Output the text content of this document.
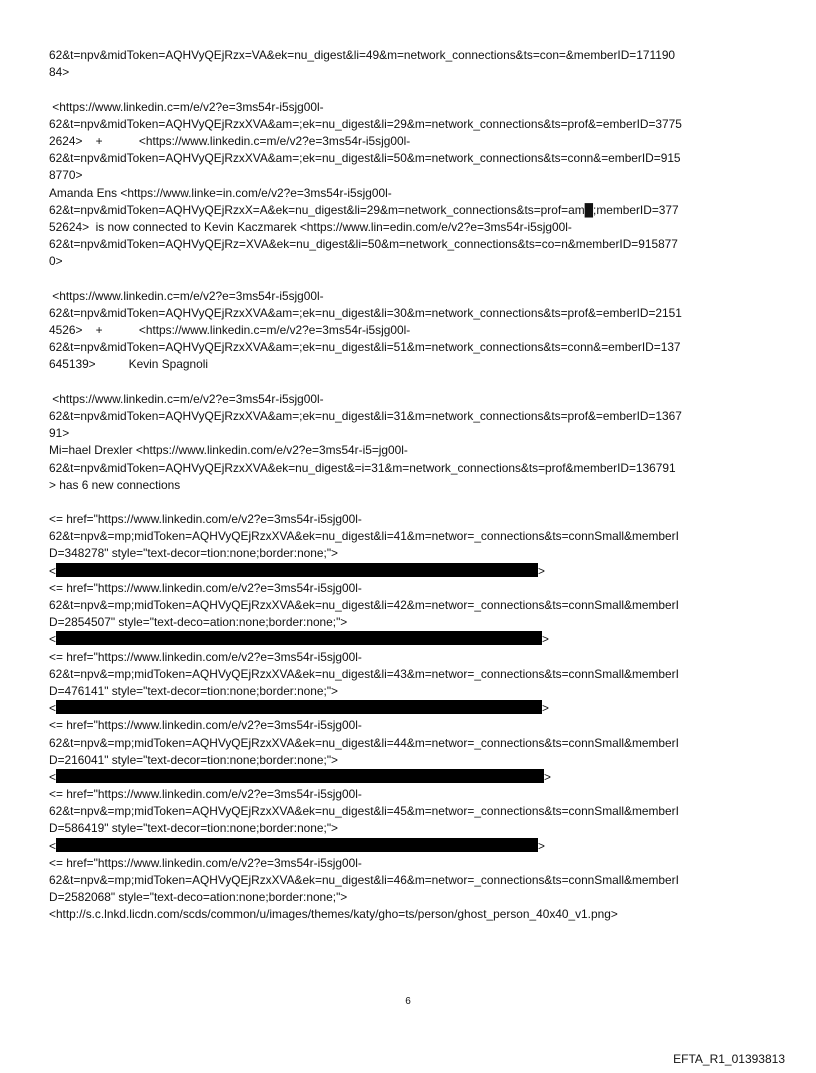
62&t=npv&midToken=AQHVyQEjRzx=VA&ek=nu_digest&li=49&m=network_connections&ts=con=&memberID=171190
84>
<https://www.linkedin.c=m/e/v2?e=3ms54r-i5sjg00l-
62&t=npv&midToken=AQHVyQEjRzxXVA&am=;ek=nu_digest&li=29&m=network_connections&ts=prof&=emberID=3775
2624>    +           <https://www.linkedin.c=m/e/v2?e=3ms54r-i5sjg00l-
62&t=npv&midToken=AQHVyQEjRzxXVA&am=;ek=nu_digest&li=50&m=network_connections&ts=conn&=emberID=915
8770>
Amanda Ens <https://www.linke=in.com/e/v2?e=3ms54r-i5sjg00l-
62&t=npv&midToken=AQHVyQEjRzxX=A&ek=nu_digest&li=29&m=network_connections&ts=prof=am█;memberID=377
52624>  is now connected to Kevin Kaczmarek <https://www.lin=edin.com/e/v2?e=3ms54r-i5sjg00l-
62&t=npv&midToken=AQHVyQEjRz=XVA&ek=nu_digest&li=50&m=network_connections&ts=co=n&memberID=915877
0>
<https://www.linkedin.c=m/e/v2?e=3ms54r-i5sjg00l-
62&t=npv&midToken=AQHVyQEjRzxXVA&am=;ek=nu_digest&li=30&m=network_connections&ts=prof&=emberID=2151
4526>    +           <https://www.linkedin.c=m/e/v2?e=3ms54r-i5sjg00l-
62&t=npv&midToken=AQHVyQEjRzxXVA&am=;ek=nu_digest&li=51&m=network_connections&ts=conn&=emberID=137
645139>          Kevin Spagnoli
<https://www.linkedin.c=m/e/v2?e=3ms54r-i5sjg00l-
62&t=npv&midToken=AQHVyQEjRzxXVA&am=;ek=nu_digest&li=31&m=network_connections&ts=prof&=emberID=1367
91>
Mi=hael Drexler <https://www.linkedin.com/e/v2?e=3ms54r-i5=jg00l-
62&t=npv&midToken=AQHVyQEjRzxXVA&ek=nu_digest&=i=31&m=network_connections&ts=prof&memberID=136791
> has 6 new connections
<= href="https://www.linkedin.com/e/v2?e=3ms54r-i5sjg00l-
62&t=npv&=mp;midToken=AQHVyQEjRzxXVA&ek=nu_digest&li=41&m=networ=_connections&ts=connSmall&memberI
D=348278" style="text-decor=tion:none;border:none;">
<	>
<= href="https://www.linkedin.com/e/v2?e=3ms54r-i5sjg00l-
62&t=npv&=mp;midToken=AQHVyQEjRzxXVA&ek=nu_digest&li=42&m=networ=_connections&ts=connSmall&memberI
D=2854507" style="text-deco=ation:none;border:none;">
<	>
<= href="https://www.linkedin.com/e/v2?e=3ms54r-i5sjg00l-
62&t=npv&=mp;midToken=AQHVyQEjRzxXVA&ek=nu_digest&li=43&m=networ=_connections&ts=connSmall&memberI
D=476141" style="text-decor=tion:none;border:none;">
<	>
<= href="https://www.linkedin.com/e/v2?e=3ms54r-i5sjg00l-
62&t=npv&=mp;midToken=AQHVyQEjRzxXVA&ek=nu_digest&li=44&m=networ=_connections&ts=connSmall&memberI
D=216041" style="text-decor=tion:none;border:none;">
<	>
<= href="https://www.linkedin.com/e/v2?e=3ms54r-i5sjg00l-
62&t=npv&=mp;midToken=AQHVyQEjRzxXVA&ek=nu_digest&li=45&m=networ=_connections&ts=connSmall&memberI
D=586419" style="text-decor=tion:none;border:none;">
<	>
<= href="https://www.linkedin.com/e/v2?e=3ms54r-i5sjg00l-
62&t=npv&=mp;midToken=AQHVyQEjRzxXVA&ek=nu_digest&li=46&m=networ=_connections&ts=connSmall&memberI
D=2582068" style="text-deco=ation:none;border:none;">
<http://s.c.lnkd.licdn.com/scds/common/u/images/themes/katy/gho=ts/person/ghost_person_40x40_v1.png>
6
EFTA_R1_01393813
